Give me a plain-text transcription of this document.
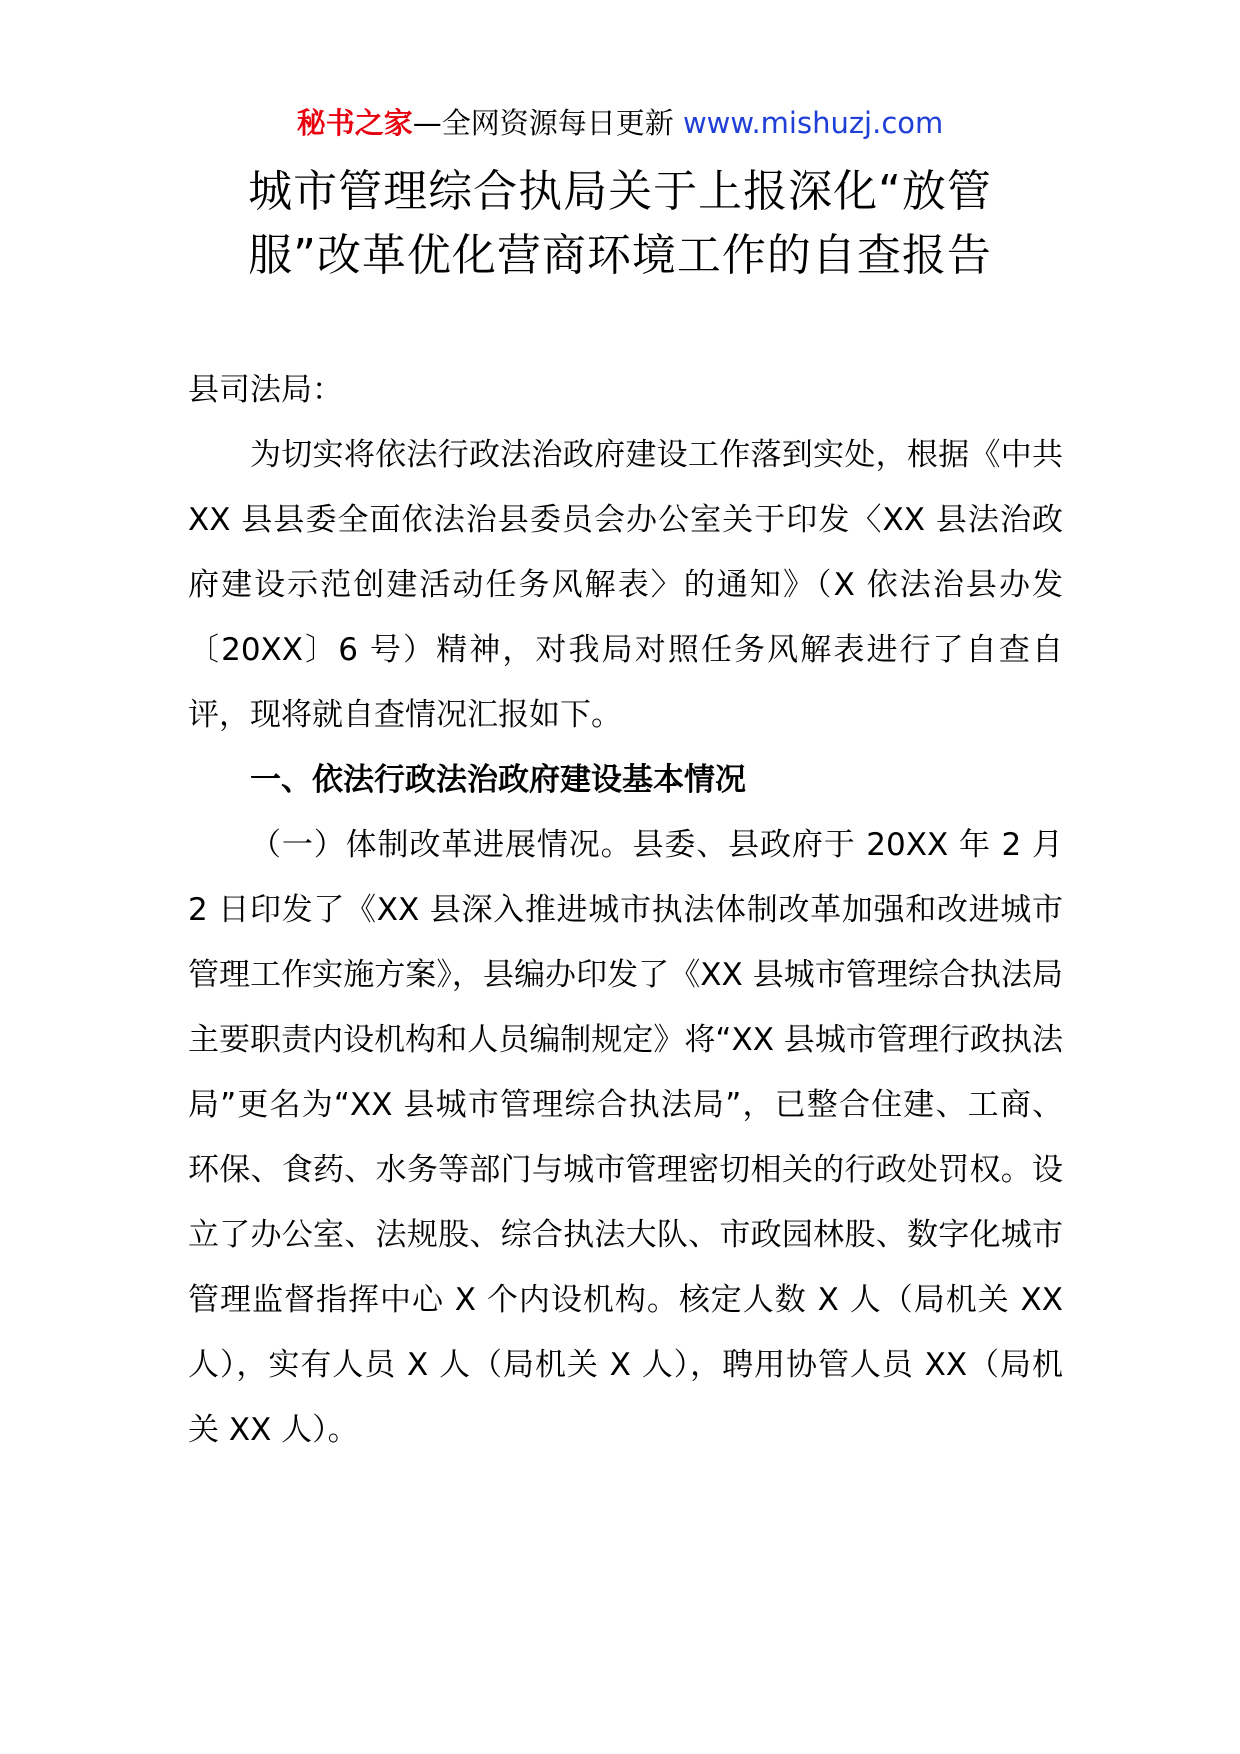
秘书之家—全网资源每日更新 www.mishuzj.com
城市管理综合执局关于上报深化“放管
服”改革优化营商环境工作的自查报告

县司法局：

为切实将依法行政法治政府建设工作落到实处，根据《中共 XX 县县委全面依法治县委员会办公室关于印发〈XX 县法治政府建设示范创建活动任务风解表〉的通知》（X 依法治县办发〔20XX〕6 号）精神，对我局对照任务风解表进行了自查自评，现将就自查情况汇报如下。

一、依法行政法治政府建设基本情况

（一）体制改革进展情况。县委、县政府于 20XX 年 2 月 2 日印发了《XX 县深入推进城市执法体制改革加强和改进城市管理工作实施方案》，县编办印发了《XX 县城市管理综合执法局主要职责内设机构和人员编制规定》将“XX 县城市管理行政执法局”更名为“XX 县城市管理综合执法局”，已整合住建、工商、环保、食药、水务等部门与城市管理密切相关的行政处罚权。设立了办公室、法规股、综合执法大队、市政园林股、数字化城市管理监督指挥中心 X 个内设机构。核定人数 X 人（局机关 XX 人），实有人员 X 人（局机关 X 人），聘用协管人员 XX（局机关 XX 人）。
